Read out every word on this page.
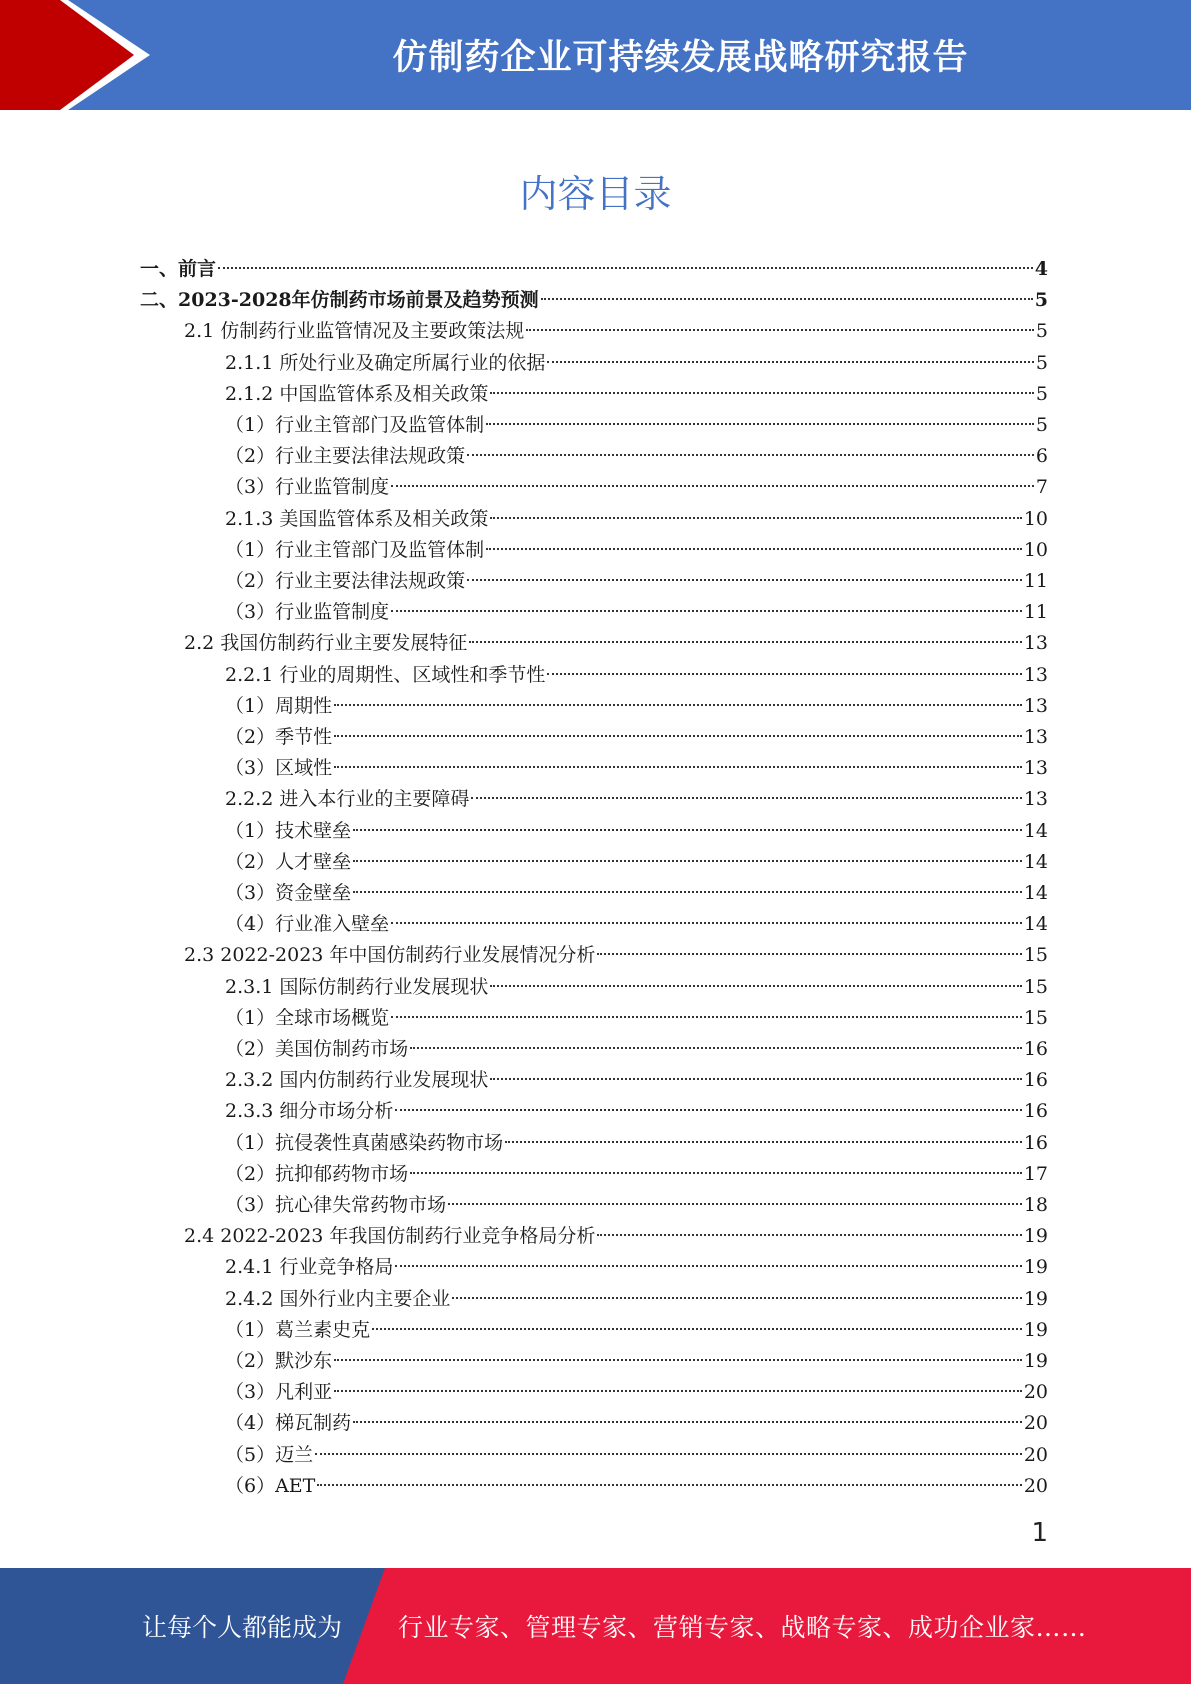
仿制药企业可持续发展战略研究报告
内容目录
一、前言	4
二、2023-2028年仿制药市场前景及趋势预测	5
2.1 仿制药行业监管情况及主要政策法规	5
2.1.1 所处行业及确定所属行业的依据	5
2.1.2 中国监管体系及相关政策	5
（1）行业主管部门及监管体制	5
（2）行业主要法律法规政策	6
（3）行业监管制度	7
2.1.3 美国监管体系及相关政策	10
（1）行业主管部门及监管体制	10
（2）行业主要法律法规政策	11
（3）行业监管制度	11
2.2 我国仿制药行业主要发展特征	13
2.2.1 行业的周期性、区域性和季节性	13
（1）周期性	13
（2）季节性	13
（3）区域性	13
2.2.2 进入本行业的主要障碍	13
（1）技术壁垒	14
（2）人才壁垒	14
（3）资金壁垒	14
（4）行业准入壁垒	14
2.3 2022-2023 年中国仿制药行业发展情况分析	15
2.3.1 国际仿制药行业发展现状	15
（1）全球市场概览	15
（2）美国仿制药市场	16
2.3.2 国内仿制药行业发展现状	16
2.3.3 细分市场分析	16
（1）抗侵袭性真菌感染药物市场	16
（2）抗抑郁药物市场	17
（3）抗心律失常药物市场	18
2.4 2022-2023 年我国仿制药行业竞争格局分析	19
2.4.1 行业竞争格局	19
2.4.2 国外行业内主要企业	19
（1）葛兰素史克	19
（2）默沙东	19
（3）凡利亚	20
（4）梯瓦制药	20
（5）迈兰	20
（6）AET	20
1
让每个人都能成为 行业专家、管理专家、营销专家、战略专家、成功企业家……
